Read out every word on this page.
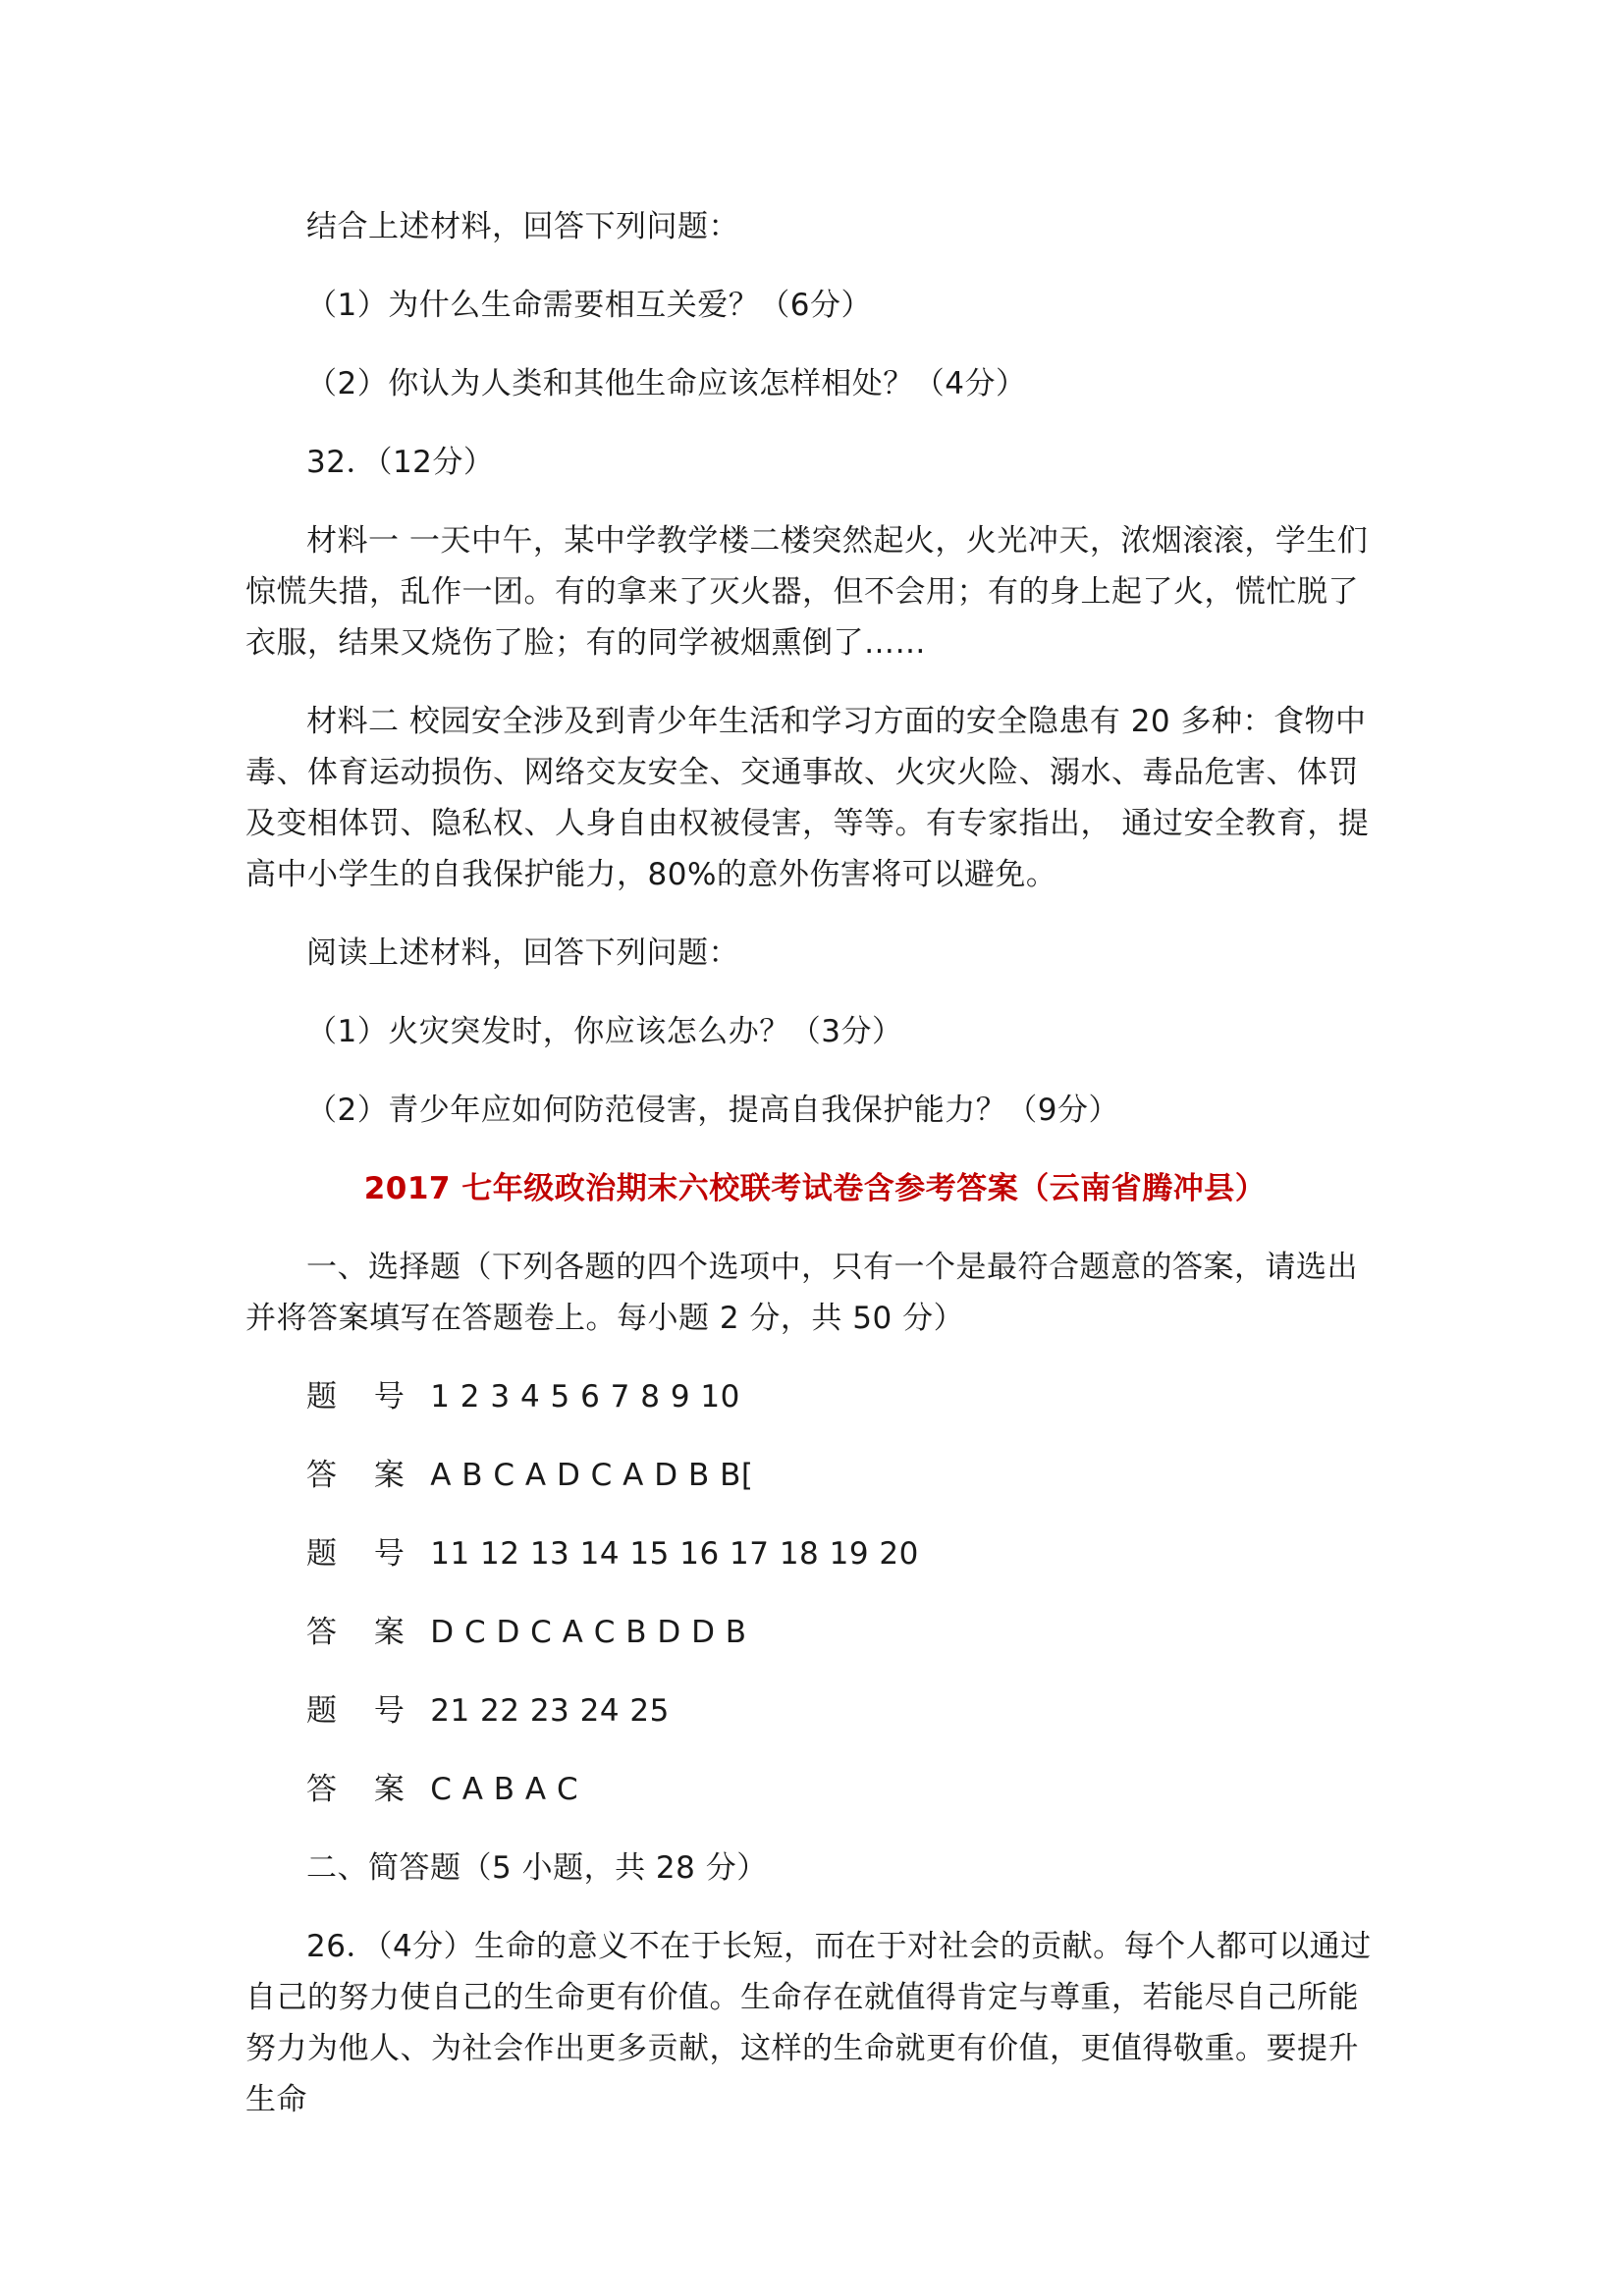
结合上述材料，回答下列问题：

（1）为什么生命需要相互关爱？（6分）

（2）你认为人类和其他生命应该怎样相处？（4分）

32．（12分）

材料一 一天中午，某中学教学楼二楼突然起火，火光冲天，浓烟滚滚，学生们惊慌失措，乱作一团。有的拿来了灭火器，但不会用；有的身上起了火，慌忙脱了衣服，结果又烧伤了脸；有的同学被烟熏倒了……

材料二 校园安全涉及到青少年生活和学习方面的安全隐患有 20 多种：食物中毒、体育运动损伤、网络交友安全、交通事故、火灾火险、溺水、毒品危害、体罚 及变相体罚、隐私权、人身自由权被侵害，等等。有专家指出， 通过安全教育，提高中小学生的自我保护能力，80%的意外伤害将可以避免。

阅读上述材料，回答下列问题：

（1）火灾突发时，你应该怎么办？（3分）

（2）青少年应如何防范侵害，提高自我保护能力？（9分）

2017 七年级政治期末六校联考试卷含参考答案（云南省腾冲县）

一、选择题（下列各题的四个选项中，只有一个是最符合题意的答案，请选出并将答案填写在答题卷上。每小题 2 分，共 50 分）

题 号 1 2 3 4 5 6 7 8 9 10
答 案 A B C A D C A D B B[
题 号 11 12 13 14 15 16 17 18 19 20
答 案 D C D C A C B D D B
题 号 21 22 23 24 25
答 案 C A B A C

二、简答题（5 小题，共 28 分）

26．（4分）生命的意义不在于长短，而在于对社会的贡献。每个人都可以通过自己的努力使自己的生命更有价值。生命存在就值得肯定与尊重，若能尽自己所能努力为他人、为社会作出更多贡献，这样的生命就更有价值，更值得敬重。要提升生命
